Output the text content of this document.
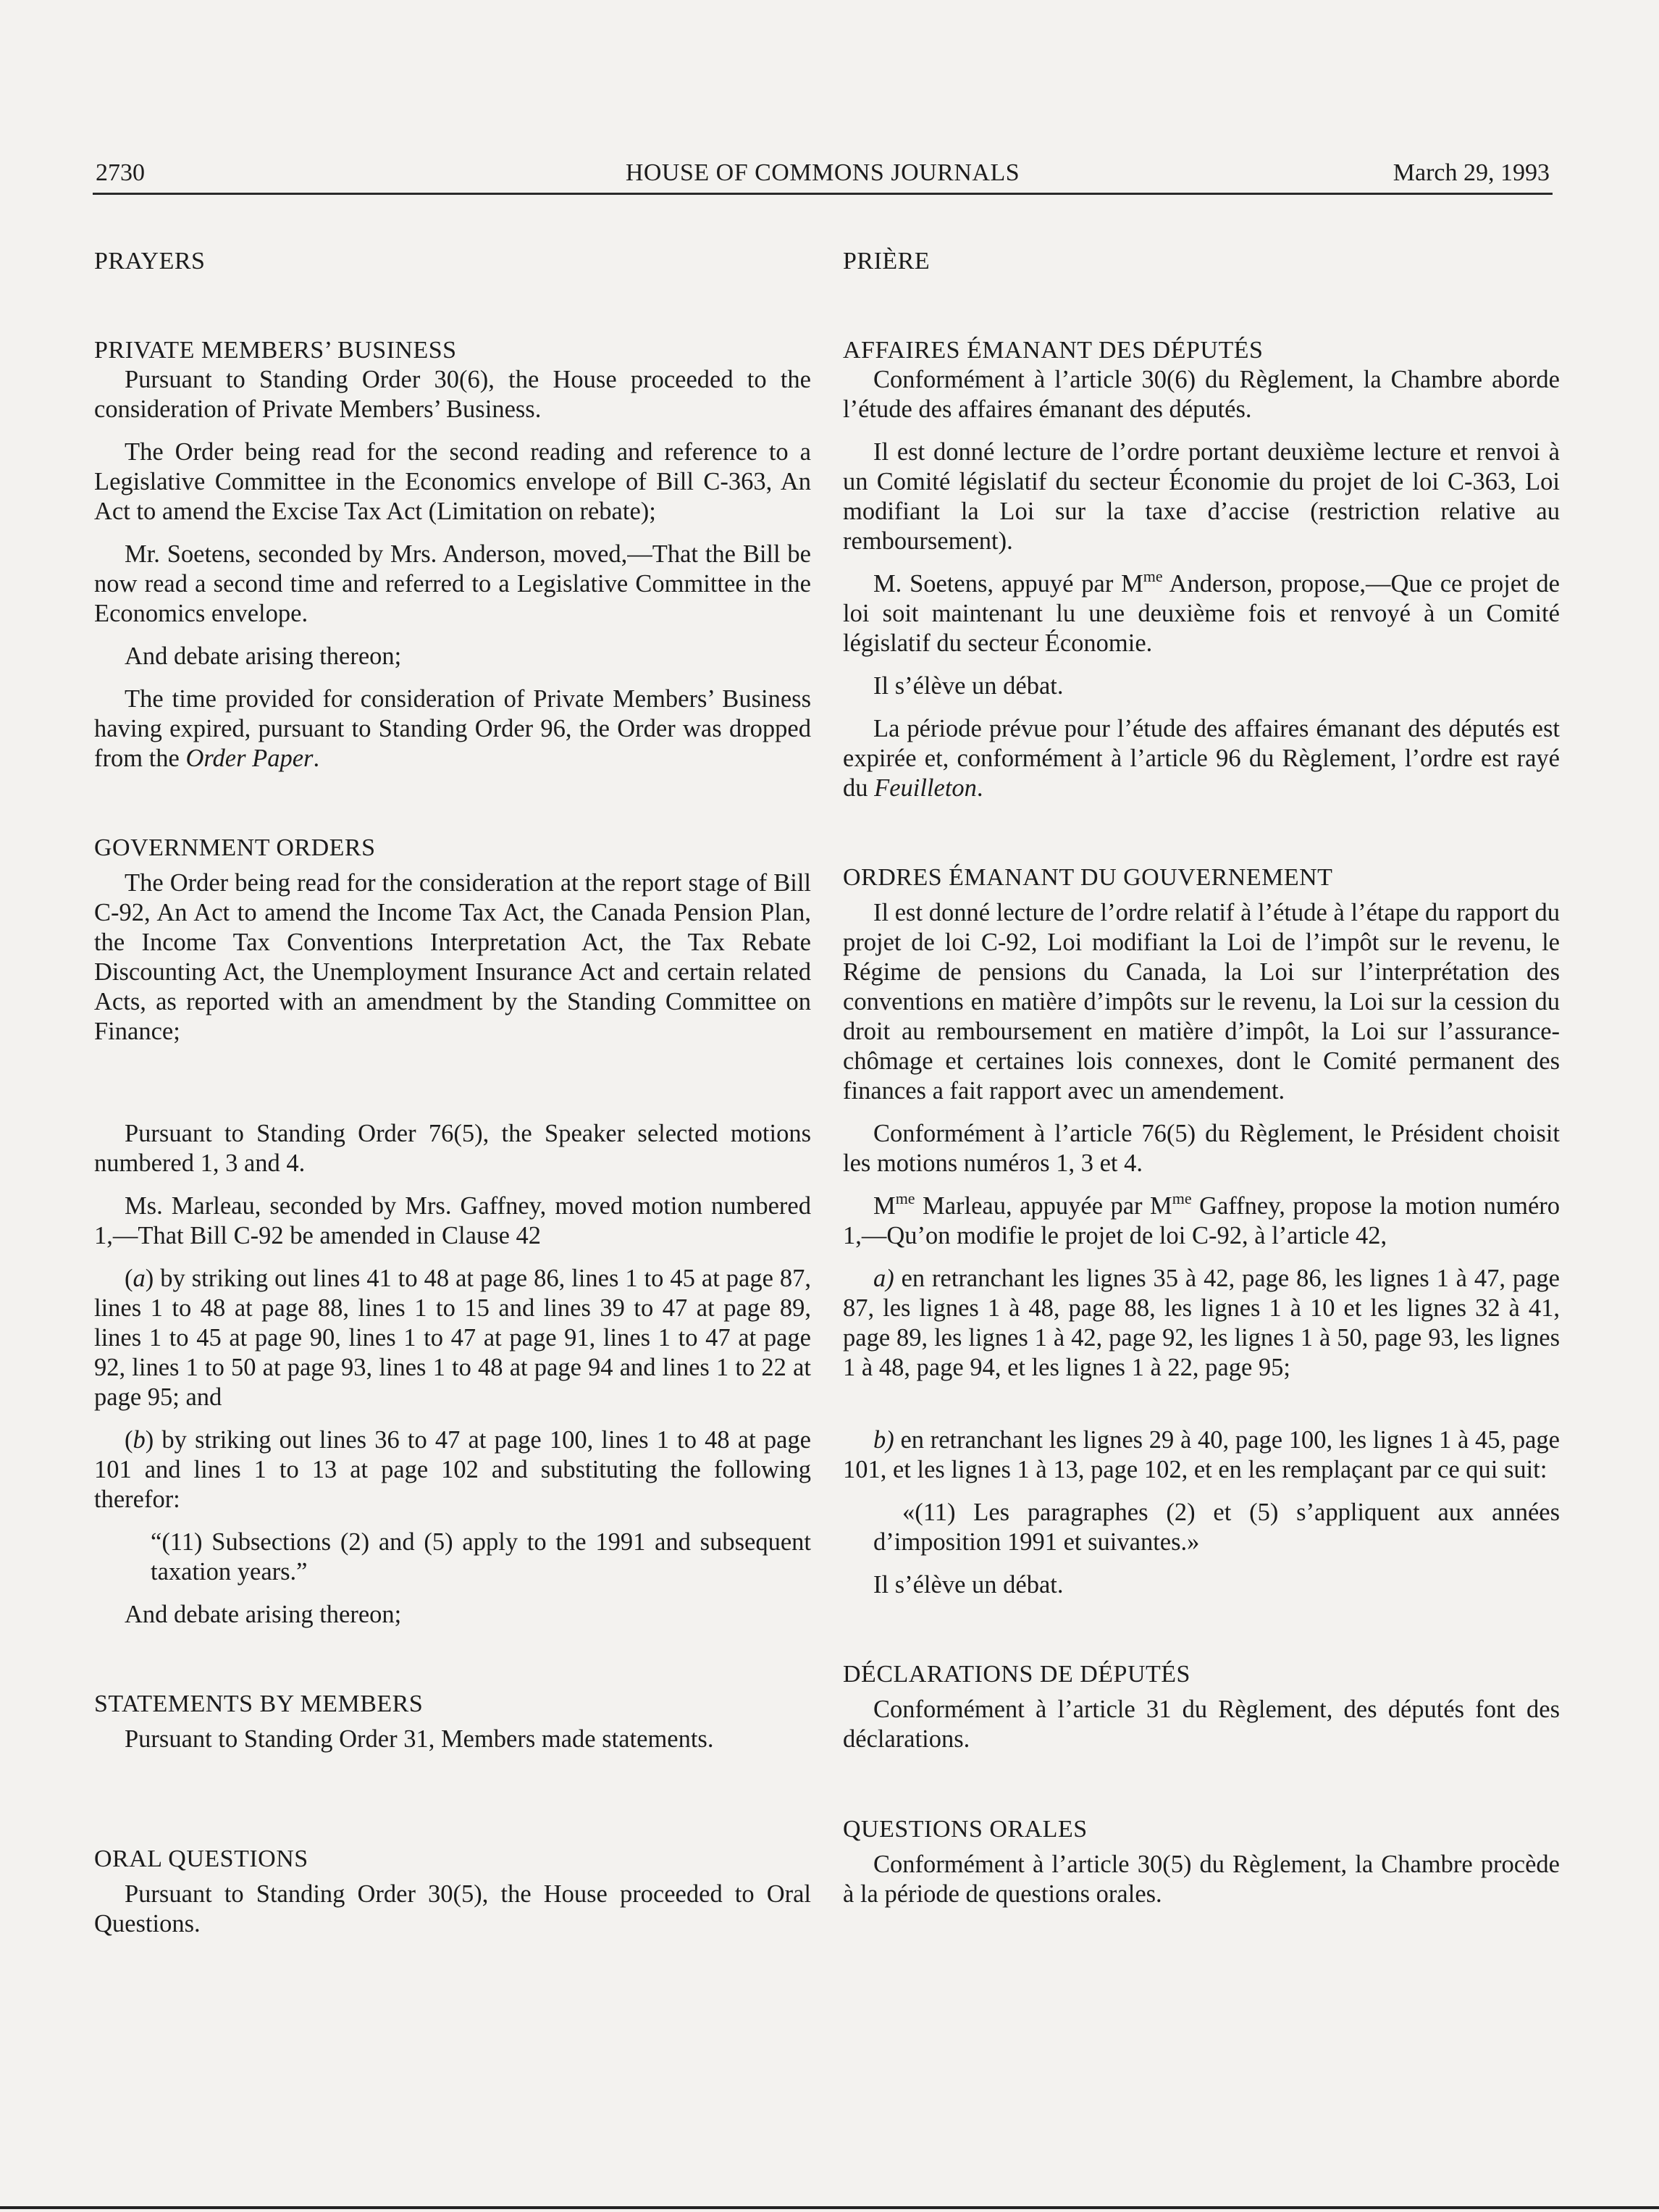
2730	HOUSE OF COMMONS JOURNALS	March 29, 1993

PRAYERS

PRIVATE MEMBERS’ BUSINESS

Pursuant to Standing Order 30(6), the House proceeded to the consideration of Private Members’ Business.

The Order being read for the second reading and reference to a Legislative Committee in the Economics envelope of Bill C-363, An Act to amend the Excise Tax Act (Limitation on rebate);

Mr. Soetens, seconded by Mrs. Anderson, moved,—That the Bill be now read a second time and referred to a Legislative Committee in the Economics envelope.

And debate arising thereon;

The time provided for consideration of Private Members’ Business having expired, pursuant to Standing Order 96, the Order was dropped from the Order Paper.

GOVERNMENT ORDERS

The Order being read for the consideration at the report stage of Bill C-92, An Act to amend the Income Tax Act, the Canada Pension Plan, the Income Tax Conventions Interpretation Act, the Tax Rebate Discounting Act, the Unemployment Insurance Act and certain related Acts, as reported with an amendment by the Standing Committee on Finance;

Pursuant to Standing Order 76(5), the Speaker selected motions numbered 1, 3 and 4.

Ms. Marleau, seconded by Mrs. Gaffney, moved motion numbered 1,—That Bill C-92 be amended in Clause 42

(a) by striking out lines 41 to 48 at page 86, lines 1 to 45 at page 87, lines 1 to 48 at page 88, lines 1 to 15 and lines 39 to 47 at page 89, lines 1 to 45 at page 90, lines 1 to 47 at page 91, lines 1 to 47 at page 92, lines 1 to 50 at page 93, lines 1 to 48 at page 94 and lines 1 to 22 at page 95; and

(b) by striking out lines 36 to 47 at page 100, lines 1 to 48 at page 101 and lines 1 to 13 at page 102 and substituting the following therefor:

“(11) Subsections (2) and (5) apply to the 1991 and subsequent taxation years.”

And debate arising thereon;

STATEMENTS BY MEMBERS

Pursuant to Standing Order 31, Members made statements.

ORAL QUESTIONS

Pursuant to Standing Order 30(5), the House proceeded to Oral Questions.

PRIÈRE

AFFAIRES ÉMANANT DES DÉPUTÉS

Conformément à l’article 30(6) du Règlement, la Chambre aborde l’étude des affaires émanant des députés.

Il est donné lecture de l’ordre portant deuxième lecture et renvoi à un Comité législatif du secteur Économie du projet de loi C-363, Loi modifiant la Loi sur la taxe d’accise (restriction relative au remboursement).

M. Soetens, appuyé par $M^{me}$ Anderson, propose,—Que ce projet de loi soit maintenant lu une deuxième fois et renvoyé à un Comité législatif du secteur Économie.

Il s’élève un débat.

La période prévue pour l’étude des affaires émanant des députés est expirée et, conformément à l’article 96 du Règlement, l’ordre est rayé du Feuilleton.

ORDRES ÉMANANT DU GOUVERNEMENT

Il est donné lecture de l’ordre relatif à l’étude à l’étape du rapport du projet de loi C-92, Loi modifiant la Loi de l’impôt sur le revenu, le Régime de pensions du Canada, la Loi sur l’interprétation des conventions en matière d’impôts sur le revenu, la Loi sur la cession du droit au remboursement en matière d’impôt, la Loi sur l’assurance-chômage et certaines lois connexes, dont le Comité permanent des finances a fait rapport avec un amendement.

Conformément à l’article 76(5) du Règlement, le Président choisit les motions numéros 1, 3 et 4.

$M^{me}$ Marleau, appuyée par $M^{me}$ Gaffney, propose la motion numéro 1,—Qu’on modifie le projet de loi C-92, à l’article 42,

a) en retranchant les lignes 35 à 42, page 86, les lignes 1 à 47, page 87, les lignes 1 à 48, page 88, les lignes 1 à 10 et les lignes 32 à 41, page 89, les lignes 1 à 42, page 92, les lignes 1 à 50, page 93, les lignes 1 à 48, page 94, et les lignes 1 à 22, page 95;

b) en retranchant les lignes 29 à 40, page 100, les lignes 1 à 45, page 101, et les lignes 1 à 13, page 102, et en les remplaçant par ce qui suit:

«(11) Les paragraphes (2) et (5) s’appliquent aux années d’imposition 1991 et suivantes.»

Il s’élève un débat.

DÉCLARATIONS DE DÉPUTÉS

Conformément à l’article 31 du Règlement, des députés font des déclarations.

QUESTIONS ORALES

Conformément à l’article 30(5) du Règlement, la Chambre procède à la période de questions orales.
